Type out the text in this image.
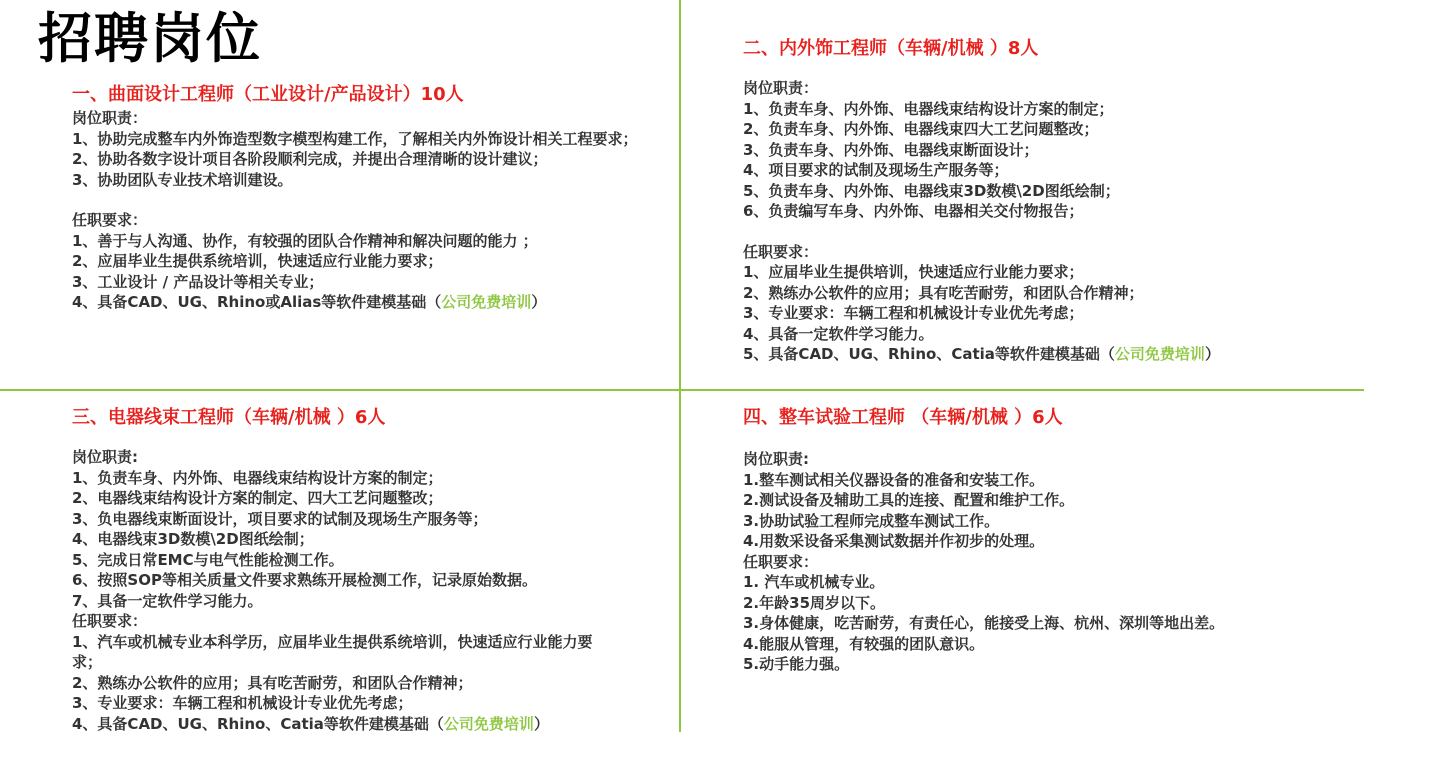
招聘岗位
一、曲面设计工程师（工业设计/产品设计）10人
岗位职责：
1、协助完成整车内外饰造型数字模型构建工作，了解相关内外饰设计相关工程要求；
2、协助各数字设计项目各阶段顺利完成，并提出合理清晰的设计建议；
3、协助团队专业技术培训建设。
任职要求：
1、善于与人沟通、协作，有较强的团队合作精神和解决问题的能力 ；
2、应届毕业生提供系统培训，快速适应行业能力要求；
3、工业设计 / 产品设计等相关专业；
4、具备CAD、UG、Rhino或Alias等软件建模基础（公司免费培训）
二、内外饰工程师（车辆/机械 ）8人
岗位职责：
1、负责车身、内外饰、电器线束结构设计方案的制定；
2、负责车身、内外饰、电器线束四大工艺问题整改；
3、负责车身、内外饰、电器线束断面设计；
4、项目要求的试制及现场生产服务等；
5、负责车身、内外饰、电器线束3D数模\2D图纸绘制；
6、负责编写车身、内外饰、电器相关交付物报告；
任职要求：
1、应届毕业生提供培训，快速适应行业能力要求；
2、熟练办公软件的应用；具有吃苦耐劳，和团队合作精神；
3、专业要求：车辆工程和机械设计专业优先考虑；
4、具备一定软件学习能力。
5、具备CAD、UG、Rhino、Catia等软件建模基础（公司免费培训）
三、电器线束工程师（车辆/机械 ）6人
岗位职责:
1、负责车身、内外饰、电器线束结构设计方案的制定；
2、电器线束结构设计方案的制定、四大工艺问题整改；
3、负电器线束断面设计，项目要求的试制及现场生产服务等；
4、电器线束3D数模\2D图纸绘制；
5、完成日常EMC与电气性能检测工作。
6、按照SOP等相关质量文件要求熟练开展检测工作，记录原始数据。
7、具备一定软件学习能力。
任职要求：
1、汽车或机械专业本科学历，应届毕业生提供系统培训，快速适应行业能力要求；
2、熟练办公软件的应用；具有吃苦耐劳，和团队合作精神；
3、专业要求：车辆工程和机械设计专业优先考虑；
4、具备CAD、UG、Rhino、Catia等软件建模基础（公司免费培训）
四、整车试验工程师 （车辆/机械 ）6人
岗位职责:
1.整车测试相关仪器设备的准备和安装工作。
2.测试设备及辅助工具的连接、配置和维护工作。
3.协助试验工程师完成整车测试工作。
4.用数采设备采集测试数据并作初步的处理。
任职要求：
1. 汽车或机械专业。
2.年龄35周岁以下。
3.身体健康，吃苦耐劳，有责任心，能接受上海、杭州、深圳等地出差。
4.能服从管理，有较强的团队意识。
5.动手能力强。
